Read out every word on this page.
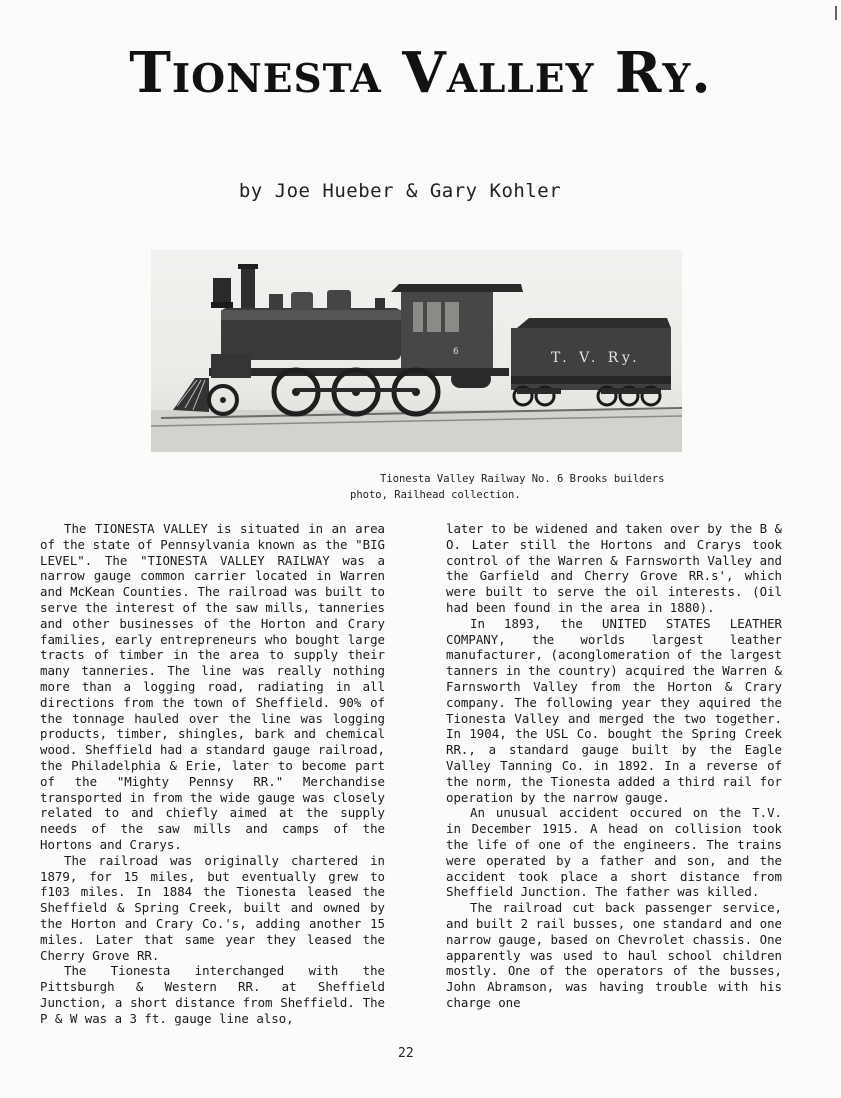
Tionesta Valley Ry.
by Joe Hueber & Gary Kohler
6	T. V. Ry.
Tionesta Valley Railway No. 6 Brooks builders
photo, Railhead collection.

The TIONESTA VALLEY is situated in an area of the state of Pennsylvania known as the "BIG LEVEL". The "TIONESTA VALLEY RAILWAY was a narrow gauge common carrier located in Warren and McKean Counties. The railroad was built to serve the interest of the saw mills, tanneries and other businesses of the Horton and Crary families, early entrepreneurs who bought large tracts of timber in the area to supply their many tanneries. The line was really nothing more than a logging road, radiating in all directions from the town of Sheffield. 90% of the tonnage hauled over the line was logging products, timber, shingles, bark and chemical wood. Sheffield had a standard gauge railroad, the Philadelphia & Erie, later to become part of the "Mighty Pennsy RR." Merchandise transported in from the wide gauge was closely related to and chiefly aimed at the supply needs of the saw mills and camps of the Hortons and Crarys.

The railroad was originally chartered in 1879, for 15 miles, but eventually grew to f103 miles. In 1884 the Tionesta leased the Sheffield & Spring Creek, built and owned by the Horton and Crary Co.'s, adding another 15 miles. Later that same year they leased the Cherry Grove RR.

The Tionesta interchanged with the Pittsburgh & Western RR. at Sheffield Junction, a short distance from Sheffield. The P & W was a 3 ft. gauge line also,

later to be widened and taken over by the B & O. Later still the Hortons and Crarys took control of the Warren & Farnsworth Valley and the Garfield and Cherry Grove RR.s', which were built to serve the oil interests. (Oil had been found in the area in 1880).

In 1893, the UNITED STATES LEATHER COMPANY, the worlds largest leather manufacturer, (aconglomeration of the largest tanners in the country) acquired the Warren & Farnsworth Valley from the Horton & Crary company. The following year they aquired the Tionesta Valley and merged the two together. In 1904, the USL Co. bought the Spring Creek RR., a standard gauge built by the Eagle Valley Tanning Co. in 1892. In a reverse of the norm, the Tionesta added a third rail for operation by the narrow gauge.

An unusual accident occured on the T.V. in December 1915. A head on collision took the life of one of the engineers. The trains were operated by a father and son, and the accident took place a short distance from Sheffield Junction. The father was killed.

The railroad cut back passenger service, and built 2 rail busses, one standard and one narrow gauge, based on Chevrolet chassis. One apparently was used to haul school children mostly. One of the operators of the busses, John Abramson, was having trouble with his charge one

22
